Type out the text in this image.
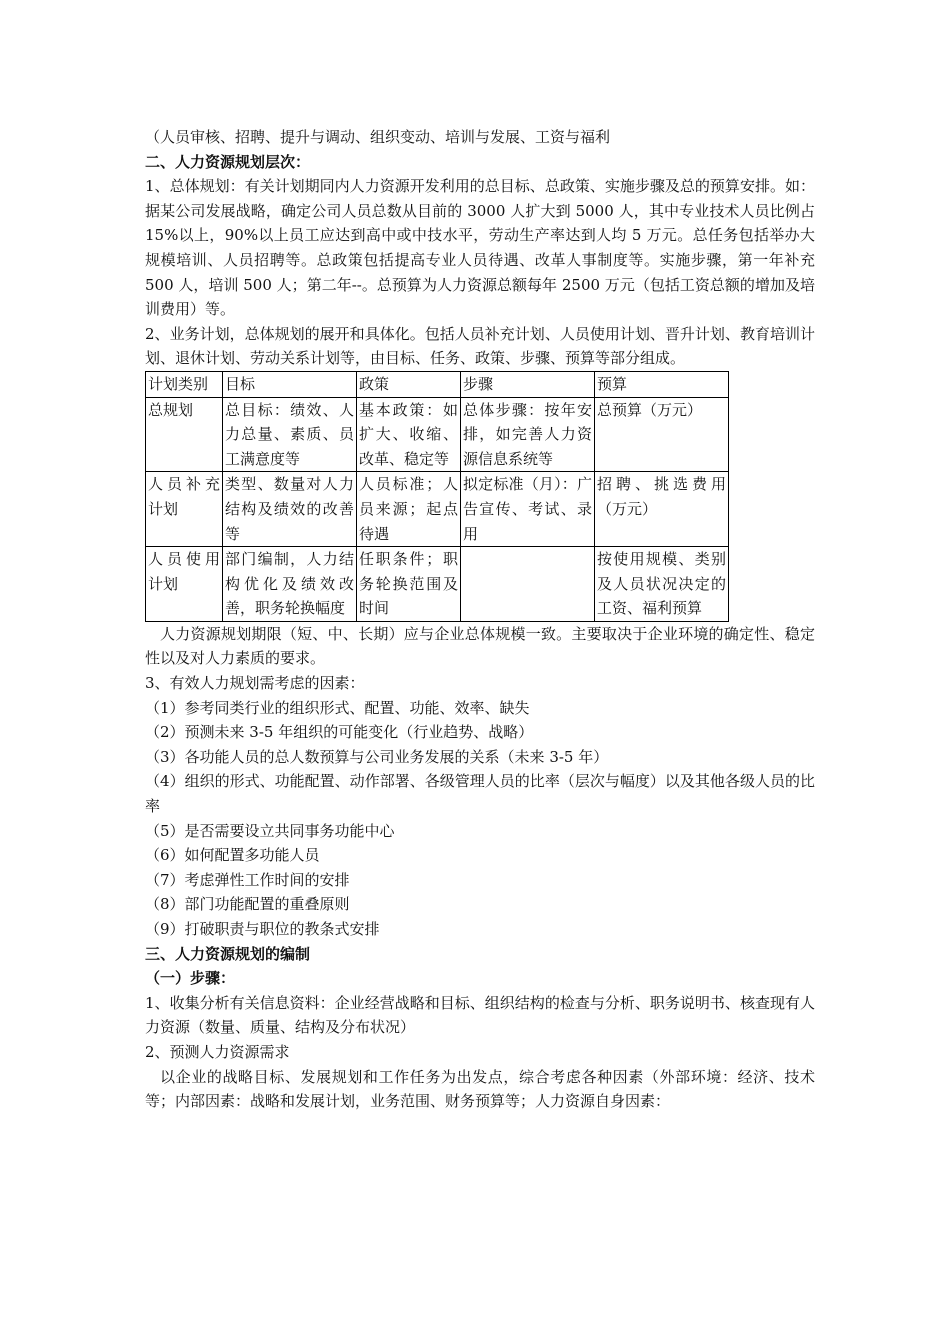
（人员审核、招聘、提升与调动、组织变动、培训与发展、工资与福利
二、人力资源规划层次：
1、总体规划：有关计划期同内人力资源开发利用的总目标、总政策、实施步骤及总的预算安排。如：据某公司发展战略，确定公司人员总数从目前的 3000 人扩大到 5000 人，其中专业技术人员比例占 15%以上，90%以上员工应达到高中或中技水平，劳动生产率达到人均 5 万元。总任务包括举办大规模培训、人员招聘等。总政策包括提高专业人员待遇、改革人事制度等。实施步骤，第一年补充 500 人，培训 500 人；第二年--。总预算为人力资源总额每年 2500 万元（包括工资总额的增加及培训费用）等。
2、业务计划，总体规划的展开和具体化。包括人员补充计划、人员使用计划、晋升计划、教育培训计划、退休计划、劳动关系计划等，由目标、任务、政策、步骤、预算等部分组成。
计划类别	目标	政策	步骤	预算
总规划	总目标：绩效、人力总量、素质、员工满意度等	基本政策：如扩大、收缩、改革、稳定等	总体步骤：按年安排，如完善人力资源信息系统等	总预算（万元）
人员补充计划	类型、数量对人力结构及绩效的改善等	人员标准；人员来源；起点待遇	拟定标准（月）：广告宣传、考试、录用	招聘、挑选费用（万元）
人员使用计划	部门编制，人力结构优化及绩效改善，职务轮换幅度	任职条件；职务轮换范围及时间		按使用规模、类别及人员状况决定的工资、福利预算
人力资源规划期限（短、中、长期）应与企业总体规模一致。主要取决于企业环境的确定性、稳定性以及对人力素质的要求。
3、有效人力规划需考虑的因素：
（1）参考同类行业的组织形式、配置、功能、效率、缺失
（2）预测未来 3-5 年组织的可能变化（行业趋势、战略）
（3）各功能人员的总人数预算与公司业务发展的关系（未来 3-5 年）
（4）组织的形式、功能配置、动作部署、各级管理人员的比率（层次与幅度）以及其他各级人员的比率
（5）是否需要设立共同事务功能中心
（6）如何配置多功能人员
（7）考虑弹性工作时间的安排
（8）部门功能配置的重叠原则
（9）打破职责与职位的教条式安排
三、人力资源规划的编制
（一）步骤：
1、收集分析有关信息资料：企业经营战略和目标、组织结构的检查与分析、职务说明书、核查现有人力资源（数量、质量、结构及分布状况）
2、预测人力资源需求
以企业的战略目标、发展规划和工作任务为出发点，综合考虑各种因素（外部环境：经济、技术等；内部因素：战略和发展计划，业务范围、财务预算等；人力资源自身因素：
